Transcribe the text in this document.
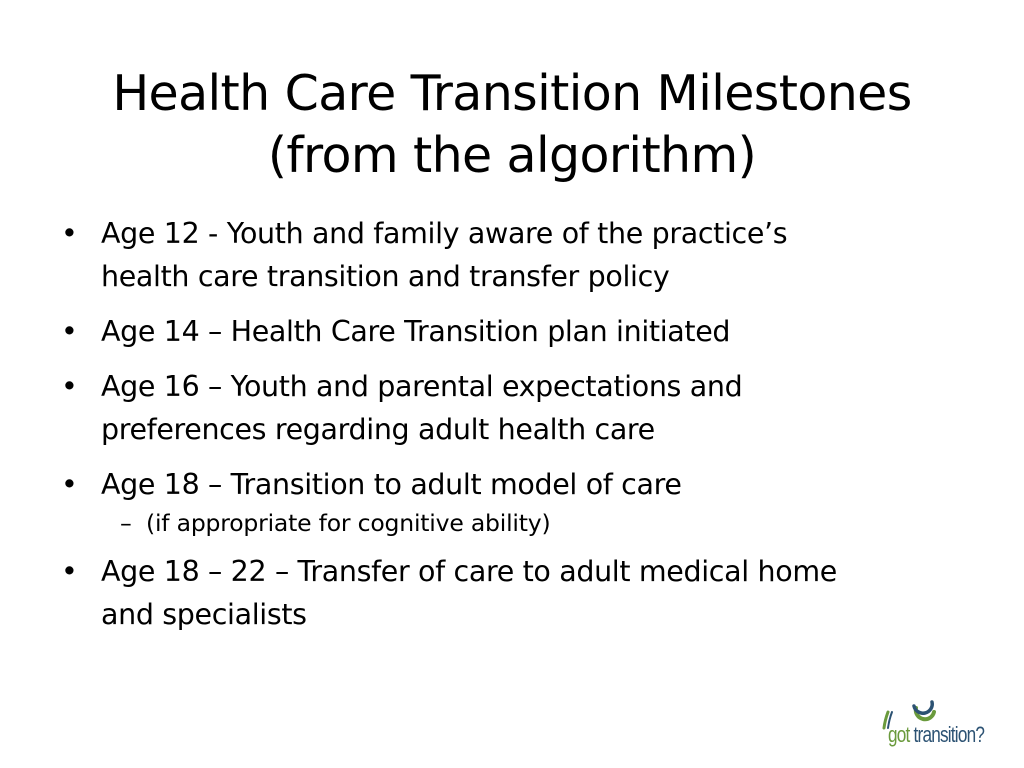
Health Care Transition Milestones
(from the algorithm)
• Age 12 - Youth and family aware of the practice’s
health care transition and transfer policy
• Age 14 – Health Care Transition plan initiated
• Age 16 – Youth and parental expectations and
preferences regarding adult health care
• Age 18 – Transition to adult model of care
– (if appropriate for cognitive ability)
• Age 18 – 22 – Transfer of care to adult medical home
and specialists
got transition?
